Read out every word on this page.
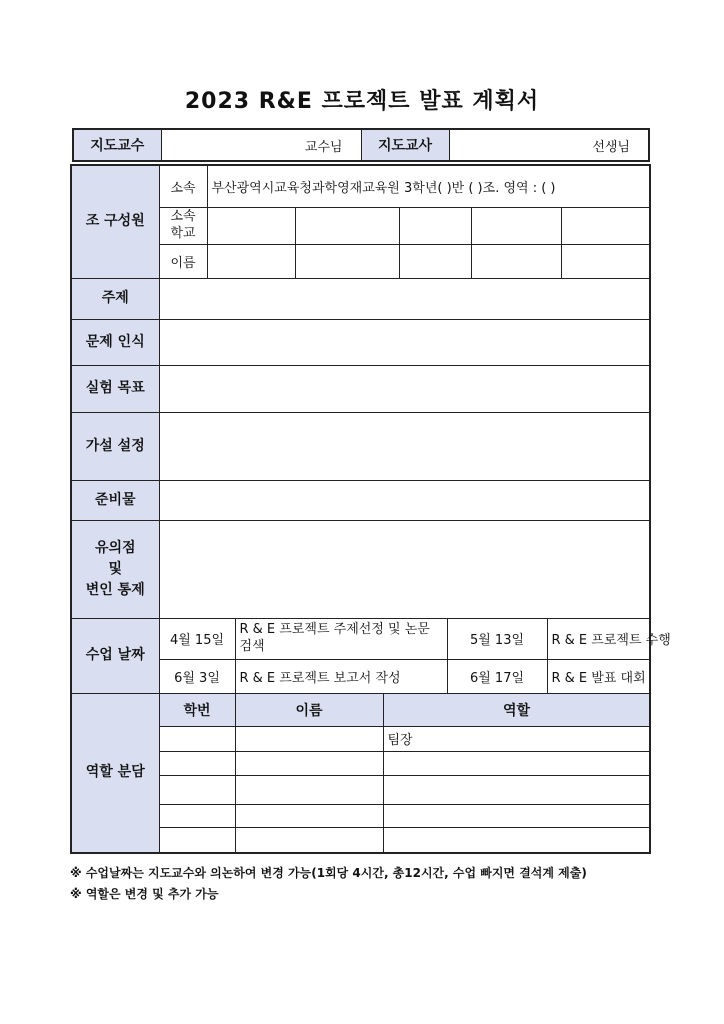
2023 R&E 프로젝트 발표 계획서
지도교수	교수님	지도교사	선생님
조 구성원	소속	부산광역시교육청과학영재교육원 3학년( )반 ( )조. 영역 : ( )								
	소속 학교									
	이름									
주제										
문제 인식										
실험 목표										
가설 설정										
준비물										

유의점
및
변인 통제										

수업 날짜	4월 15일		R & E 프로젝트 주제선정 및 논문 검색				5월 13일		R & E 프로젝트 수행	
	6월 3일		R & E 프로젝트 보고서 작성				6월 17일		R & E 발표 대회	
역할 분담	학번		이름		역할					
					팀장					

※ 수업날짜는 지도교수와 의논하여 변경 가능(1회당 4시간, 총12시간, 수업 빠지면 결석계 제출)
※ 역할은 변경 및 추가 가능
